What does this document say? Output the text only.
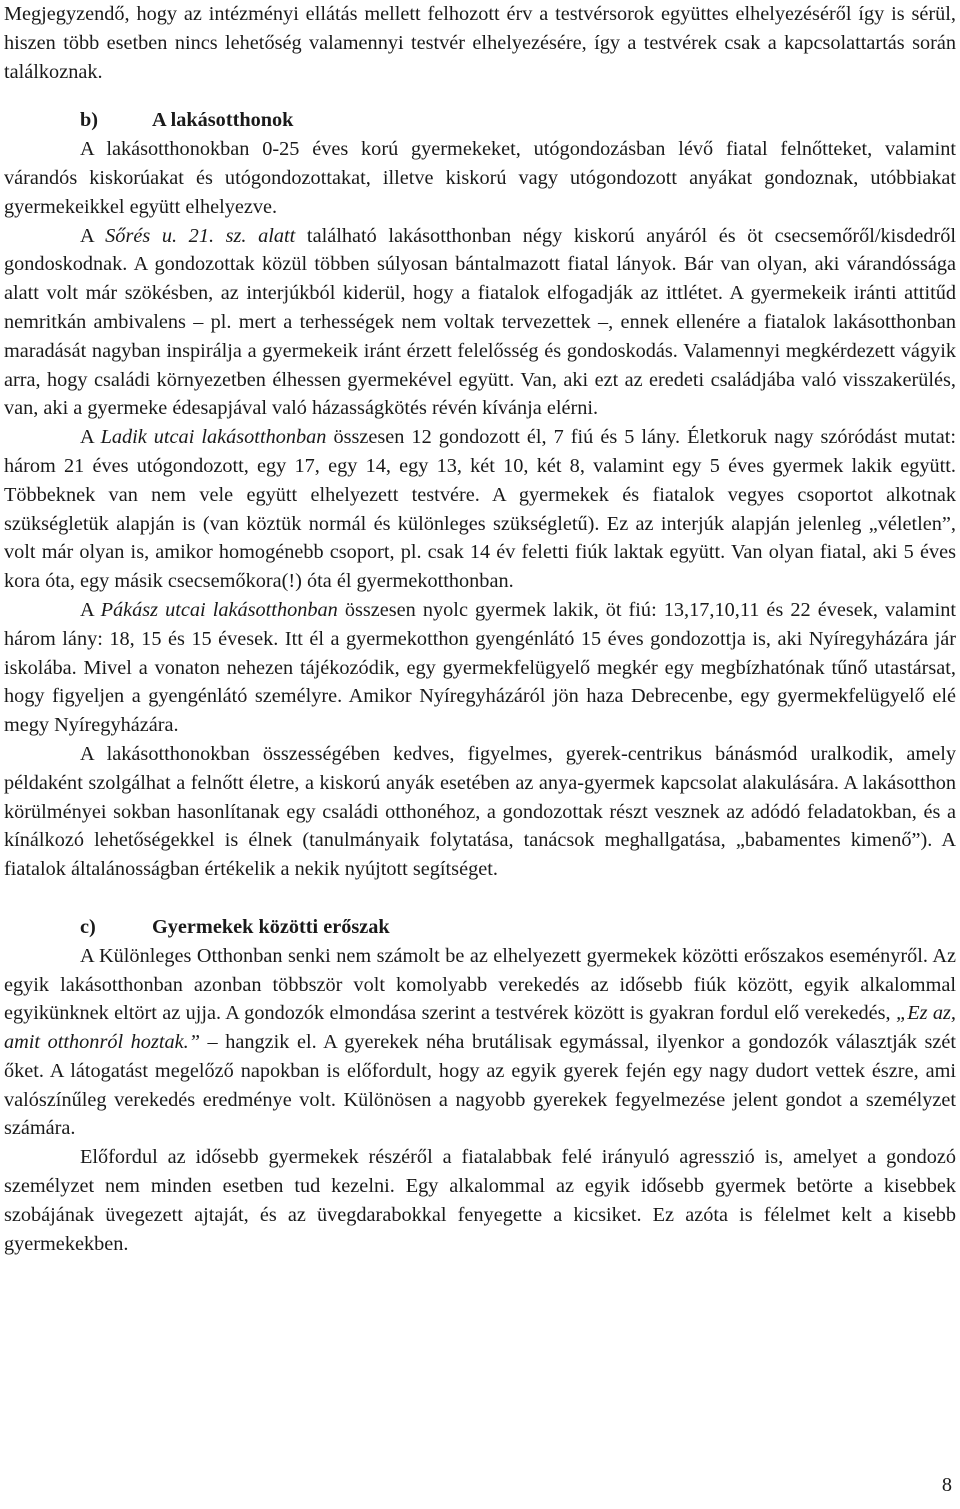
Megjegyzendő, hogy az intézményi ellátás mellett felhozott érv a testvérsorok együttes elhelyezéséről így is sérül, hiszen több esetben nincs lehetőség valamennyi testvér elhelyezésére, így a testvérek csak a kapcsolattartás során találkoznak.

b)	A lakásotthonok

A lakásotthonokban 0-25 éves korú gyermekeket, utógondozásban lévő fiatal felnőtteket, valamint várandós kiskorúakat és utógondozottakat, illetve kiskorú vagy utógondozott anyákat gondoznak, utóbbiakat gyermekeikkel együtt elhelyezve.

A Sőrés u. 21. sz. alatt található lakásotthonban négy kiskorú anyáról és öt csecsemőről/kisdedről gondoskodnak. A gondozottak közül többen súlyosan bántalmazott fiatal lányok. Bár van olyan, aki várandóssága alatt volt már szökésben, az interjúkból kiderül, hogy a fiatalok elfogadják az ittlétet. A gyermekeik iránti attitűd nemritkán ambivalens – pl. mert a terhességek nem voltak tervezettek –, ennek ellenére a fiatalok lakásotthonban maradását nagyban inspirálja a gyermekeik iránt érzett felelősség és gondoskodás. Valamennyi megkérdezett vágyik arra, hogy családi környezetben élhessen gyermekével együtt. Van, aki ezt az eredeti családjába való visszakerülés, van, aki a gyermeke édesapjával való házasságkötés révén kívánja elérni.

A Ladik utcai lakásotthonban összesen 12 gondozott él, 7 fiú és 5 lány. Életkoruk nagy szóródást mutat: három 21 éves utógondozott, egy 17, egy 14, egy 13, két 10, két 8, valamint egy 5 éves gyermek lakik együtt. Többeknek van nem vele együtt elhelyezett testvére. A gyermekek és fiatalok vegyes csoportot alkotnak szükségletük alapján is (van köztük normál és különleges szükségletű). Ez az interjúk alapján jelenleg „véletlen”, volt már olyan is, amikor homogénebb csoport, pl. csak 14 év feletti fiúk laktak együtt. Van olyan fiatal, aki 5 éves kora óta, egy másik csecsemőkora(!) óta él gyermekotthonban.

A Pákász utcai lakásotthonban összesen nyolc gyermek lakik, öt fiú: 13,17,10,11 és 22 évesek, valamint három lány: 18, 15 és 15 évesek. Itt él a gyermekotthon gyengénlátó 15 éves gondozottja is, aki Nyíregyházára jár iskolába. Mivel a vonaton nehezen tájékozódik, egy gyermekfelügyelő megkér egy megbízhatónak tűnő utastársat, hogy figyeljen a gyengénlátó személyre. Amikor Nyíregyházáról jön haza Debrecenbe, egy gyermekfelügyelő elé megy Nyíregyházára.

A lakásotthonokban összességében kedves, figyelmes, gyerek-centrikus bánásmód uralkodik, amely példaként szolgálhat a felnőtt életre, a kiskorú anyák esetében az anya-gyermek kapcsolat alakulására. A lakásotthon körülményei sokban hasonlítanak egy családi otthonéhoz, a gondozottak részt vesznek az adódó feladatokban, és a kínálkozó lehetőségekkel is élnek (tanulmányaik folytatása, tanácsok meghallgatása, „babamentes kimenő”). A fiatalok általánosságban értékelik a nekik nyújtott segítséget.

c)	Gyermekek közötti erőszak

A Különleges Otthonban senki nem számolt be az elhelyezett gyermekek közötti erőszakos eseményről. Az egyik lakásotthonban azonban többször volt komolyabb verekedés az idősebb fiúk között, egyik alkalommal egyikünknek eltört az ujja. A gondozók elmondása szerint a testvérek között is gyakran fordul elő verekedés, „Ez az, amit otthonról hoztak.” – hangzik el. A gyerekek néha brutálisak egymással, ilyenkor a gondozók választják szét őket. A látogatást megelőző napokban is előfordult, hogy az egyik gyerek fején egy nagy dudort vettek észre, ami valószínűleg verekedés eredménye volt. Különösen a nagyobb gyerekek fegyelmezése jelent gondot a személyzet számára.

Előfordul az idősebb gyermekek részéről a fiatalabbak felé irányuló agresszió is, amelyet a gondozó személyzet nem minden esetben tud kezelni. Egy alkalommal az egyik idősebb gyermek betörte a kisebbek szobájának üvegezett ajtaját, és az üvegdarabokkal fenyegette a kicsiket. Ez azóta is félelmet kelt a kisebb gyermekekben.

8
